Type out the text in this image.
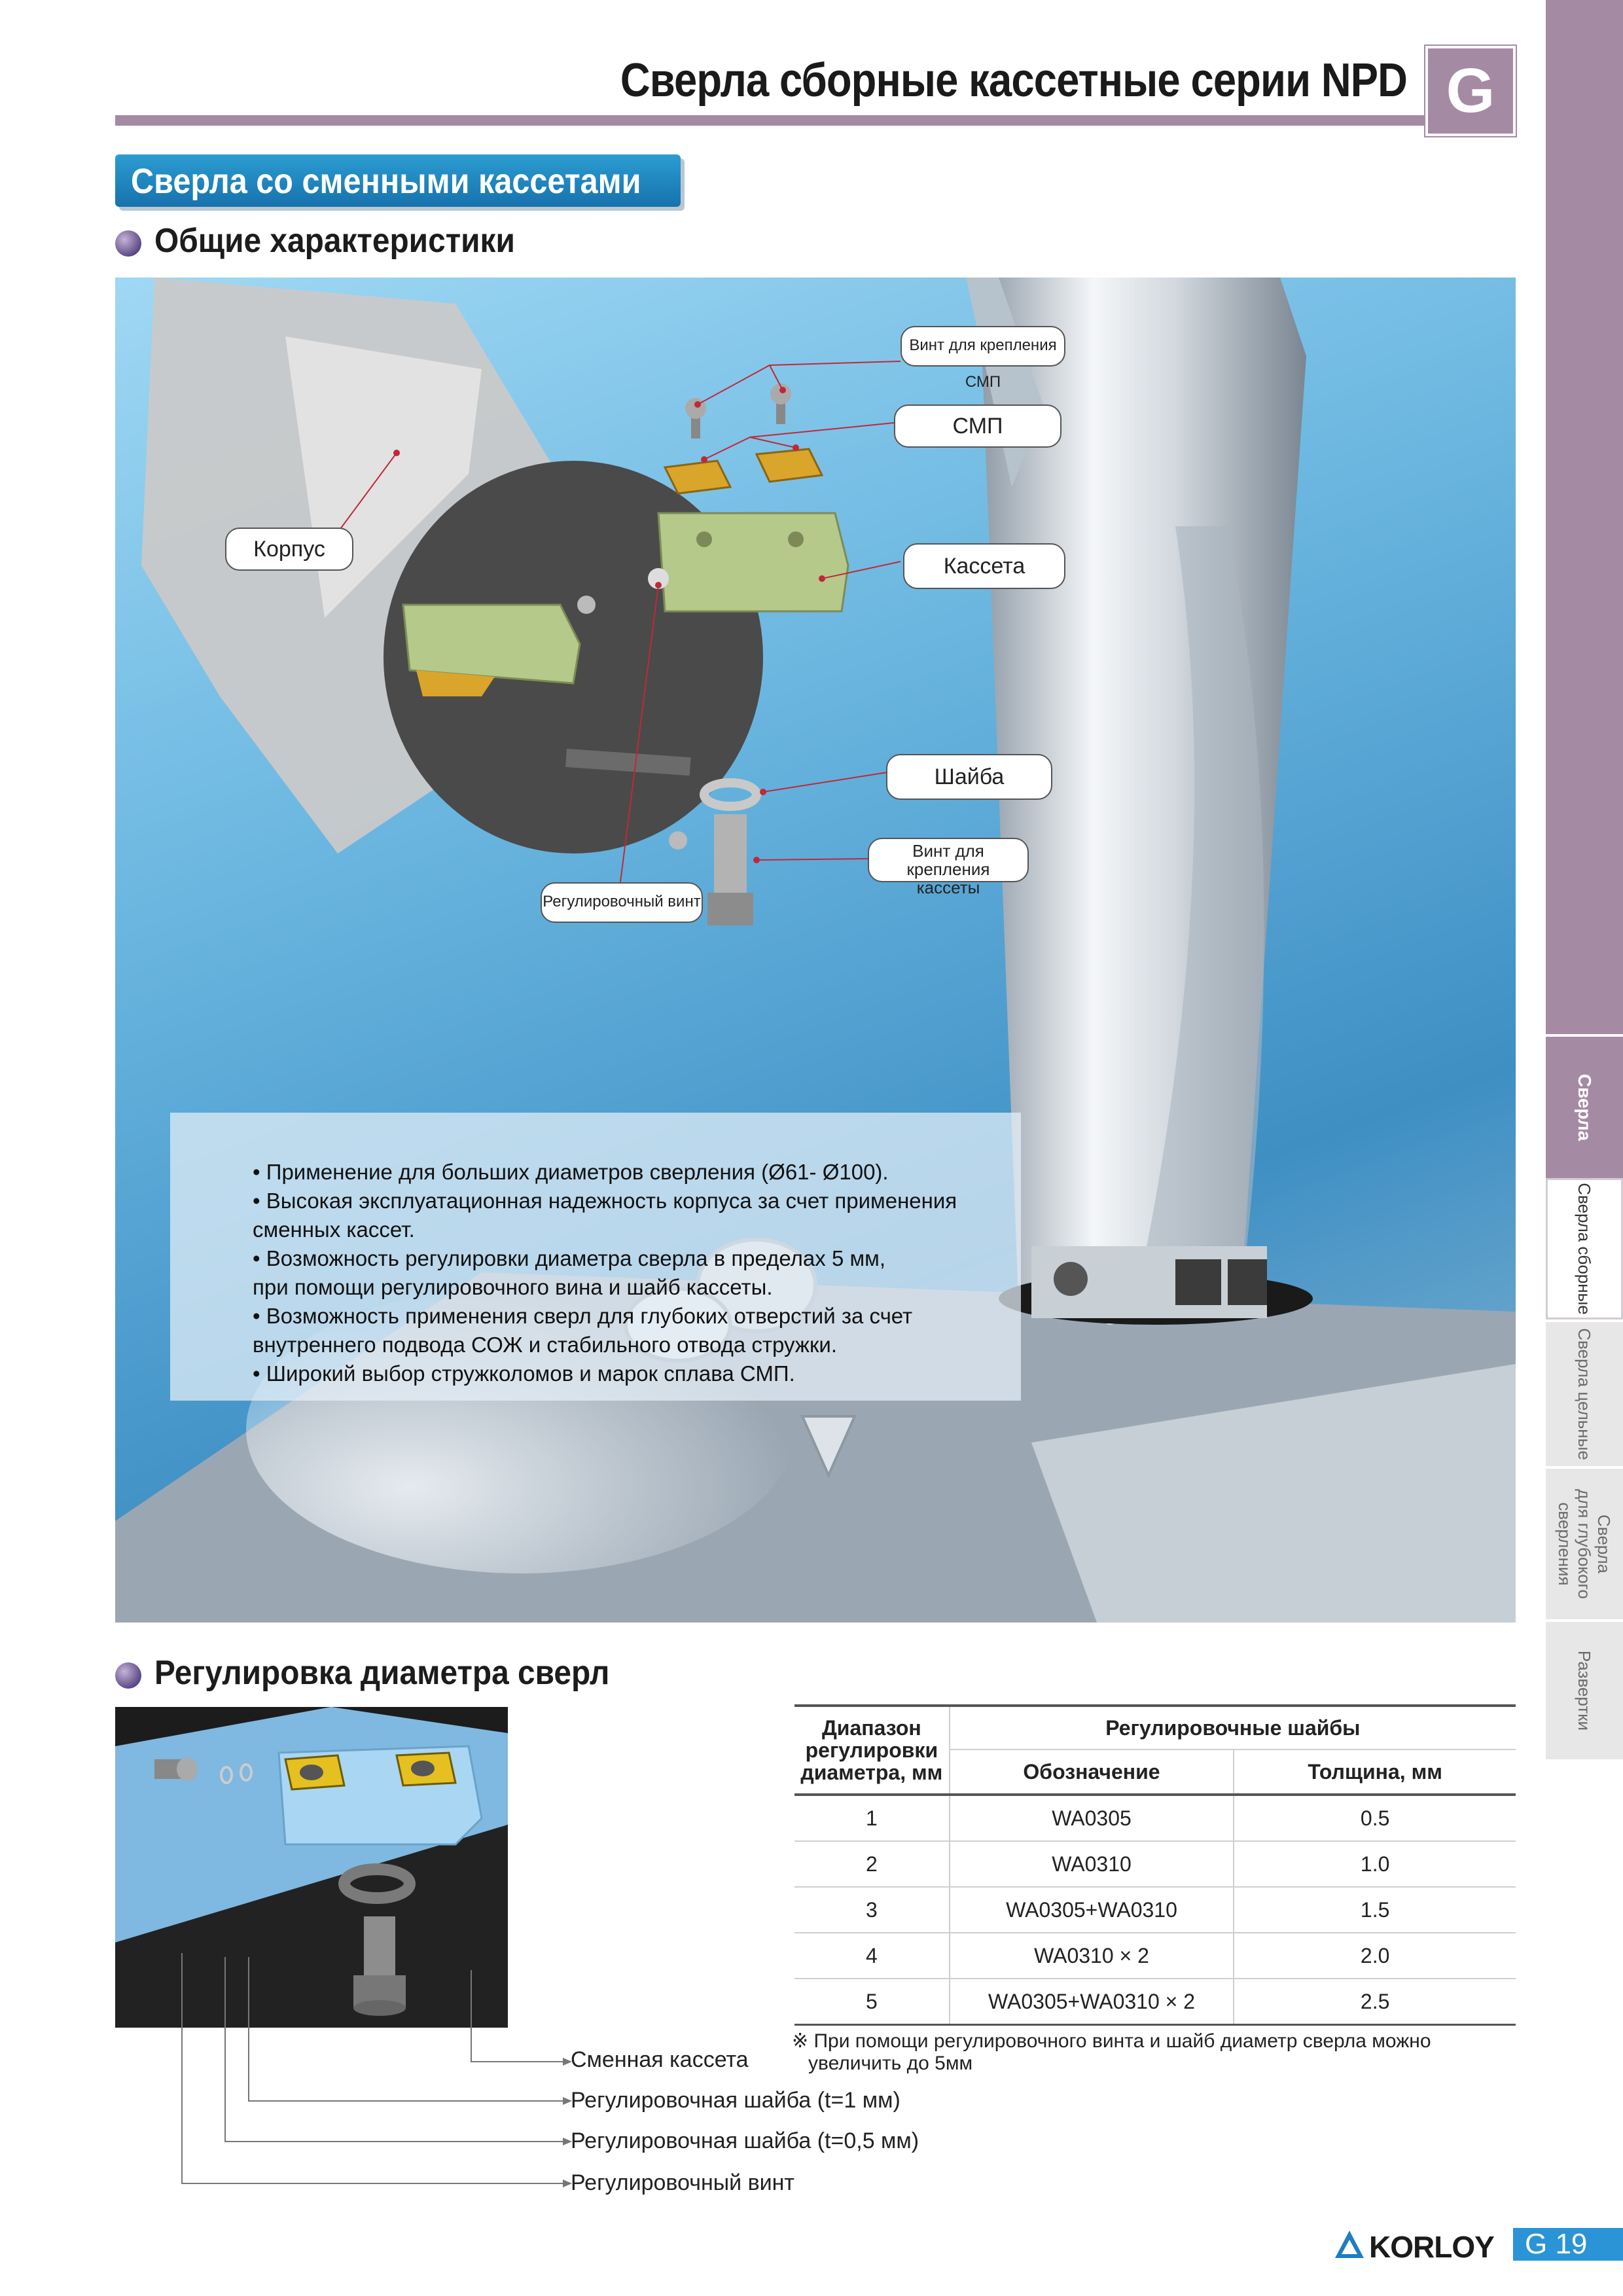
Сверла
Сверла сборные
Сверла цельные
Сверла
для глубокого
сверления
Развертки
Сверла сборные кассетные серии NPD G
Сверла со сменными кассетами
Общие характеристики
Винт для крепления СМП
СМП
Корпус
Кассета
Шайба
Винт для крепления
кассеты
Регулировочный винт
• Применение для больших диаметров сверления (Ø61- Ø100).
• Высокая эксплуатационная надежность корпуса за счет применения
сменных кассет.
• Возможность регулировки диаметра сверла в пределах 5 мм,
при помощи регулировочного вина и шайб кассеты.
• Возможность применения сверл для глубоких отверстий за счет
внутреннего подвода СОЖ и стабильного отвода стружки.
• Широкий выбор стружколомов и марок сплава СМП.
Регулировка диаметра сверл
Сменная кассета
Регулировочная шайба (t=1 мм)
Регулировочная шайба (t=0,5 мм)
Регулировочный винт
Диапазон
регулировки
диаметра, мм	Регулировочные шайбы	
	Обозначение	Толщина, мм
1	WA0305	0.5
2	WA0310	1.0
3	WA0305+WA0310	1.5
4	WA0310 × 2	2.0
5	WA0305+WA0310 × 2	2.5
※ При помощи регулировочного винта и шайб диаметр сверла можно
увеличить до 5мм
KORLOY	G 19
